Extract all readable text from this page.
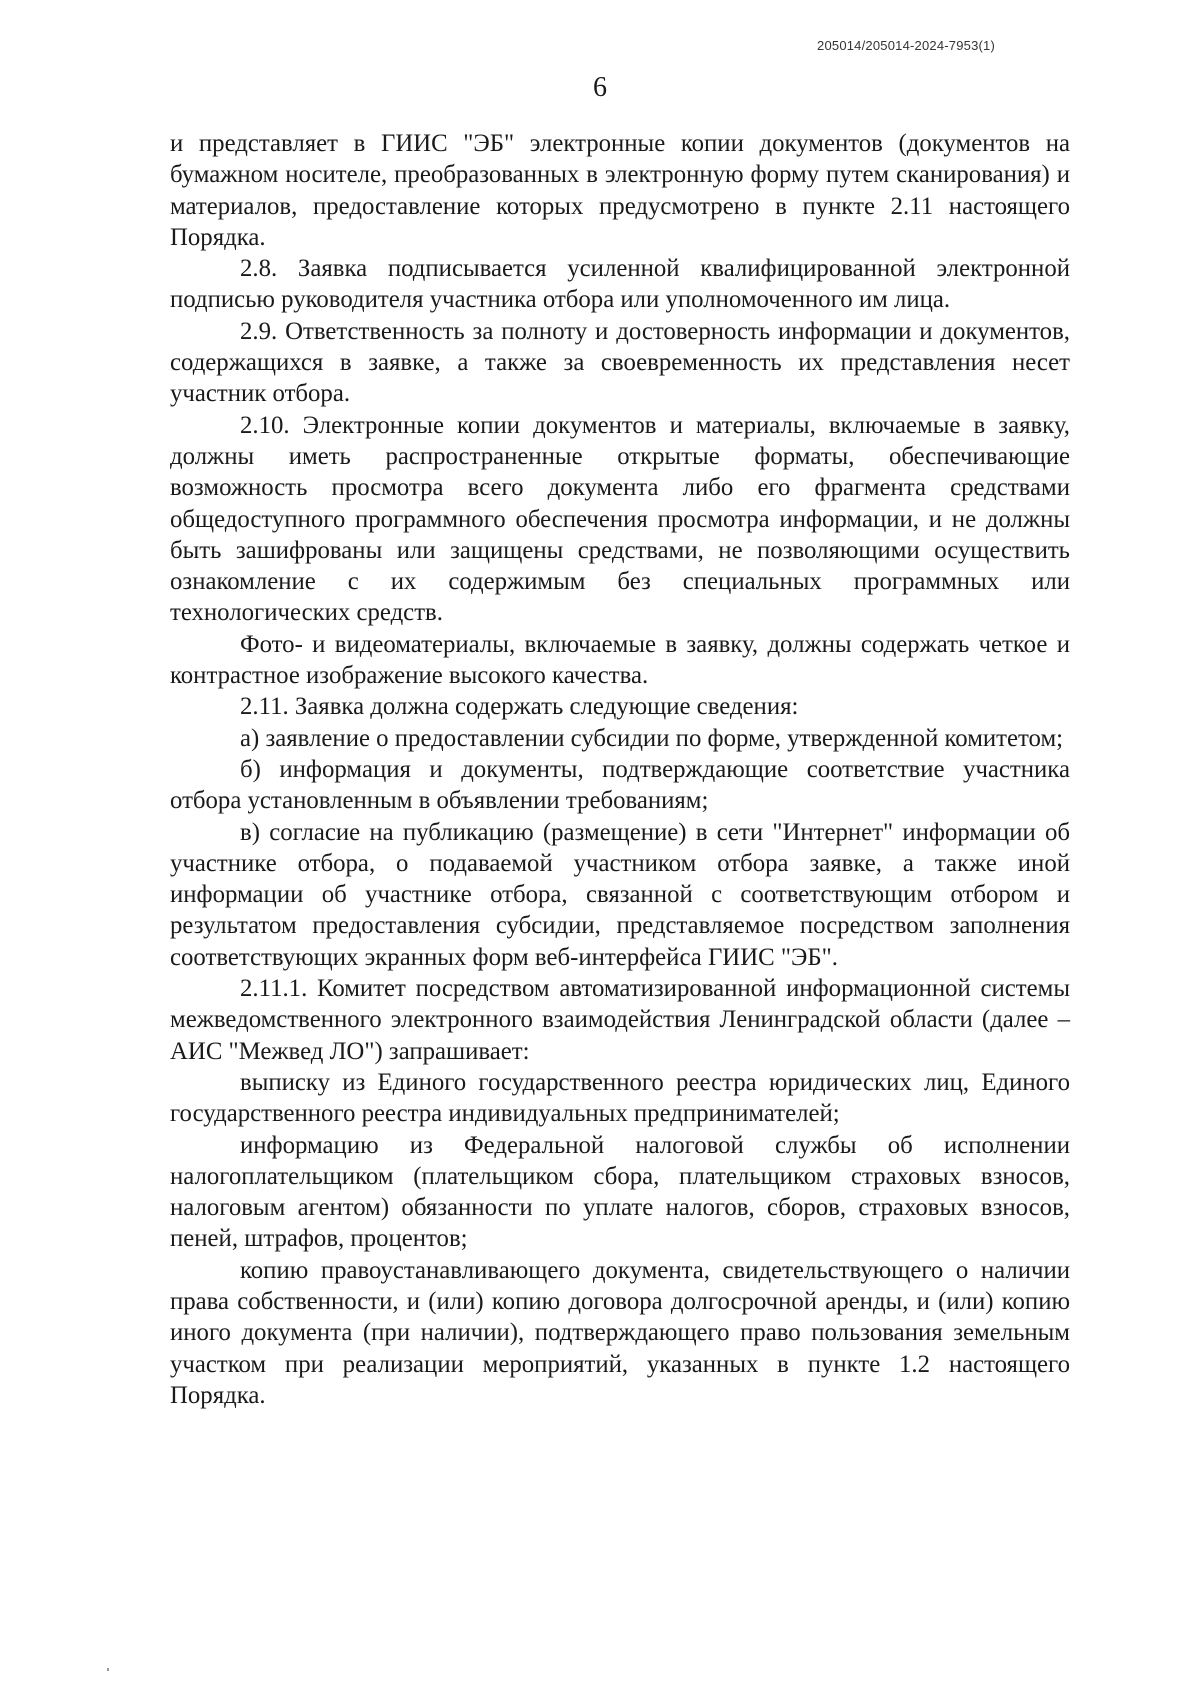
205014/205014-2024-7953(1)
6

и представляет в ГИИС "ЭБ" электронные копии документов (документов на бумажном носителе, преобразованных в электронную форму путем сканирования) и материалов, предоставление которых предусмотрено в пункте 2.11 настоящего Порядка.

2.8. Заявка подписывается усиленной квалифицированной электронной подписью руководителя участника отбора или уполномоченного им лица.

2.9. Ответственность за полноту и достоверность информации и документов, содержащихся в заявке, а также за своевременность их представления несет участник отбора.

2.10. Электронные копии документов и материалы, включаемые в заявку, должны иметь распространенные открытые форматы, обеспечивающие возможность просмотра всего документа либо его фрагмента средствами общедоступного программного обеспечения просмотра информации, и не должны быть зашифрованы или защищены средствами, не позволяющими осуществить ознакомление с их содержимым без специальных программных или технологических средств.

Фото- и видеоматериалы, включаемые в заявку, должны содержать четкое и контрастное изображение высокого качества.

2.11. Заявка должна содержать следующие сведения:

а) заявление о предоставлении субсидии по форме, утвержденной комитетом;

б) информация и документы, подтверждающие соответствие участника отбора установленным в объявлении требованиям;

в) согласие на публикацию (размещение) в сети "Интернет" информации об участнике отбора, о подаваемой участником отбора заявке, а также иной информации об участнике отбора, связанной с соответствующим отбором и результатом предоставления субсидии, представляемое посредством заполнения соответствующих экранных форм веб-интерфейса ГИИС "ЭБ".

2.11.1. Комитет посредством автоматизированной информационной системы межведомственного электронного взаимодействия Ленинградской области (далее – АИС "Межвед ЛО") запрашивает:

выписку из Единого государственного реестра юридических лиц, Единого государственного реестра индивидуальных предпринимателей;

информацию из Федеральной налоговой службы об исполнении налогоплательщиком (плательщиком сбора, плательщиком страховых взносов, налоговым агентом) обязанности по уплате налогов, сборов, страховых взносов, пеней, штрафов, процентов;

копию правоустанавливающего документа, свидетельствующего о наличии права собственности, и (или) копию договора долгосрочной аренды, и (или) копию иного документа (при наличии), подтверждающего право пользования земельным участком при реализации мероприятий, указанных в пункте 1.2 настоящего Порядка.
